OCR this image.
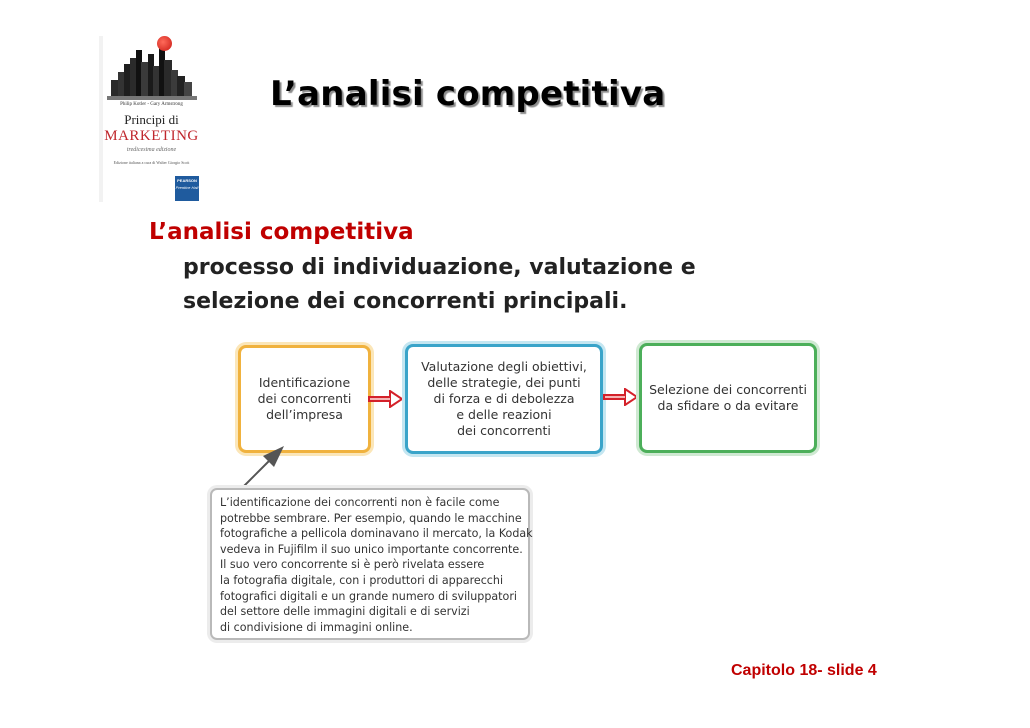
Philip Kotler - Gary Armstrong
Principi di
MARKETING
tredicesima edizione
Edizione italiana a cura di Walter Giorgio Scott
PEARSON
Prentice Hall
L’analisi competitiva
L’analisi competitiva
processo di individuazione, valutazione e
selezione dei concorrenti principali.
Identificazione
dei concorrenti
dell’impresa
Valutazione degli obiettivi,
delle strategie, dei punti
di forza e di debolezza
e delle reazioni
dei concorrenti
Selezione dei concorrenti
da sfidare o da evitare
L’identificazione dei concorrenti non è facile come
potrebbe sembrare. Per esempio, quando le macchine
fotografiche a pellicola dominavano il mercato, la Kodak
vedeva in Fujifilm il suo unico importante concorrente.
Il suo vero concorrente si è però rivelata essere
la fotografia digitale, con i produttori di apparecchi
fotografici digitali e un grande numero di sviluppatori
del settore delle immagini digitali e di servizi
di condivisione di immagini online.
Capitolo 18- slide 4
